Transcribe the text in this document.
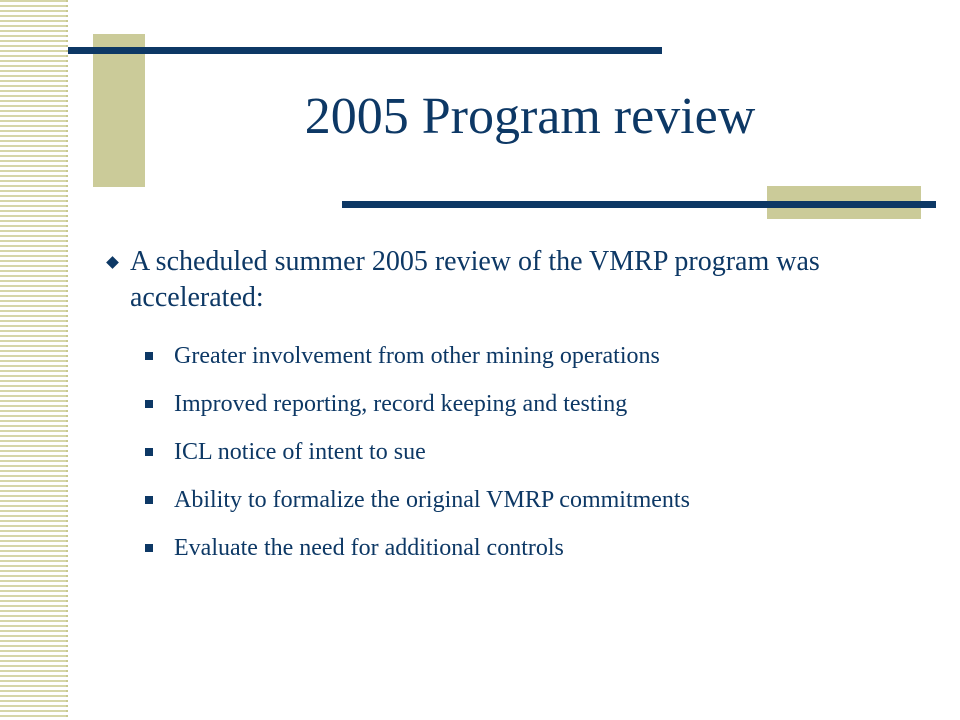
2005 Program review
A scheduled summer 2005 review of the VMRP program was accelerated:
Greater involvement from other mining operations
Improved reporting, record keeping and testing
ICL notice of intent to sue
Ability to formalize the original VMRP commitments
Evaluate the need for additional controls
